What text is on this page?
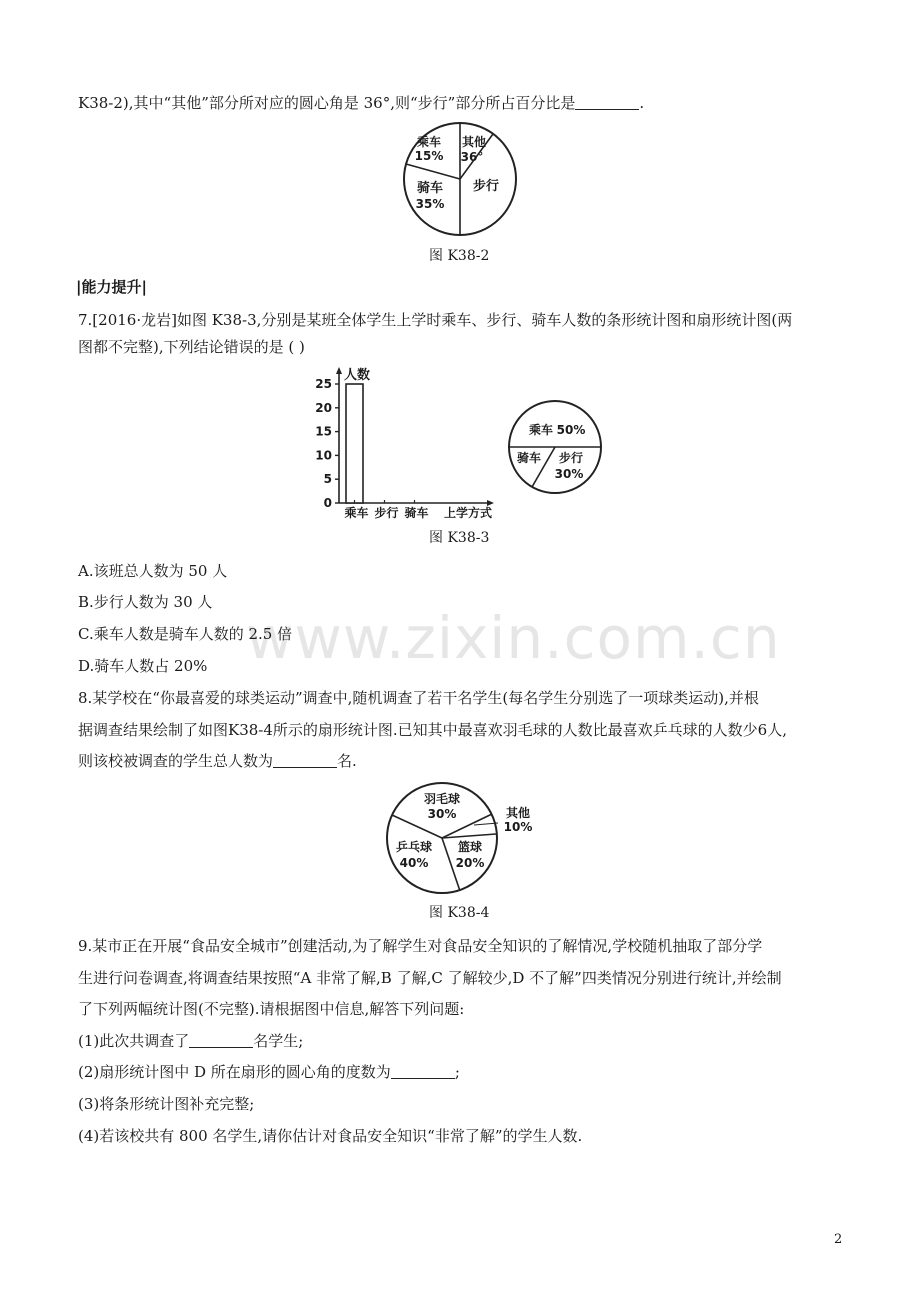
www.zixin.com.cn
K38-2),其中“其他”部分所对应的圆心角是 36°,则“步行”部分所占百分比是	.
乘车
15%
其他
36°
步行
骑车
35%
图 K38-2
|能力提升|
7.[2016·龙岩]如图 K38-3,分别是某班全体学生上学时乘车、步行、骑车人数的条形统计图和扇形统计图(两
图都不完整),下列结论错误的是 ( )
人数
0
5
10
15
20
25
乘车 步行 骑车 上学方式
乘车 50%
步行
30%
骑车
图 K38-3
A.该班总人数为 50 人
B.步行人数为 30 人
C.乘车人数是骑车人数的 2.5 倍
D.骑车人数占 20%
8.某学校在“你最喜爱的球类运动”调查中,随机调查了若干名学生(每名学生分别选了一项球类运动),并根
据调查结果绘制了如图K38-4所示的扇形统计图.已知其中最喜欢羽毛球的人数比最喜欢乒乓球的人数少6人,
则该校被调查的学生总人数为	名.
羽毛球
30%	其他
10%
篮球
20%
乒乓球
40%
图 K38-4
9.某市正在开展“食品安全城市”创建活动,为了解学生对食品安全知识的了解情况,学校随机抽取了部分学
生进行问卷调查,将调查结果按照“A 非常了解,B 了解,C 了解较少,D 不了解”四类情况分别进行统计,并绘制
了下列两幅统计图(不完整).请根据图中信息,解答下列问题:
(1)此次共调查了	名学生;
(2)扇形统计图中 D 所在扇形的圆心角的度数为	;
(3)将条形统计图补充完整;
(4)若该校共有 800 名学生,请你估计对食品安全知识“非常了解”的学生人数.
2
